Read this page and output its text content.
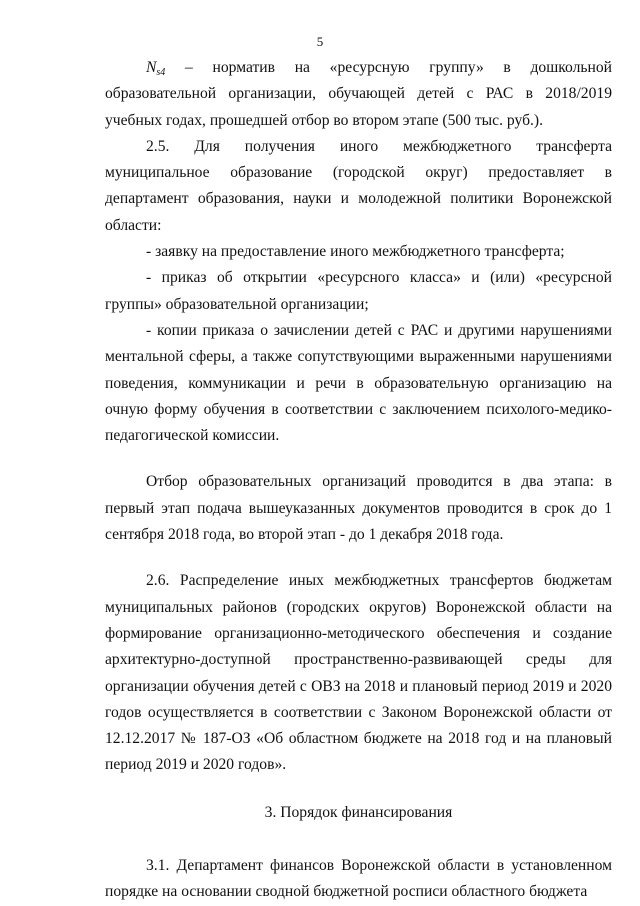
5

$N_{s4}$ – норматив на «ресурсную группу» в дошкольной образовательной организации, обучающей детей с РАС в 2018/2019 учебных годах, прошедшей отбор во втором этапе (500 тыс. руб.).

2.5. Для получения иного межбюджетного трансферта муниципальное образование (городской округ) предоставляет в департамент образования, науки и молодежной политики Воронежской области:

- заявку на предоставление иного межбюджетного трансферта;

- приказ об открытии «ресурсного класса» и (или) «ресурсной группы» образовательной организации;

- копии приказа о зачислении детей с РАС и другими нарушениями ментальной сферы, а также сопутствующими выраженными нарушениями поведения, коммуникации и речи в образовательную организацию на очную форму обучения в соответствии с заключением психолого-медико-педагогической комиссии.

Отбор образовательных организаций проводится в два этапа: в первый этап подача вышеуказанных документов проводится в срок до 1 сентября 2018 года, во второй этап - до 1 декабря 2018 года.

2.6. Распределение иных межбюджетных трансфертов бюджетам муниципальных районов (городских округов) Воронежской области на формирование организационно-методического обеспечения и создание архитектурно-доступной пространственно-развивающей среды для организации обучения детей с ОВЗ на 2018 и плановый период 2019 и 2020 годов осуществляется в соответствии с Законом Воронежской области от 12.12.2017 № 187-ОЗ «Об областном бюджете на 2018 год и на плановый период 2019 и 2020 годов».

3. Порядок финансирования

3.1. Департамент финансов Воронежской области в установленном порядке на основании сводной бюджетной росписи областного бюджета
